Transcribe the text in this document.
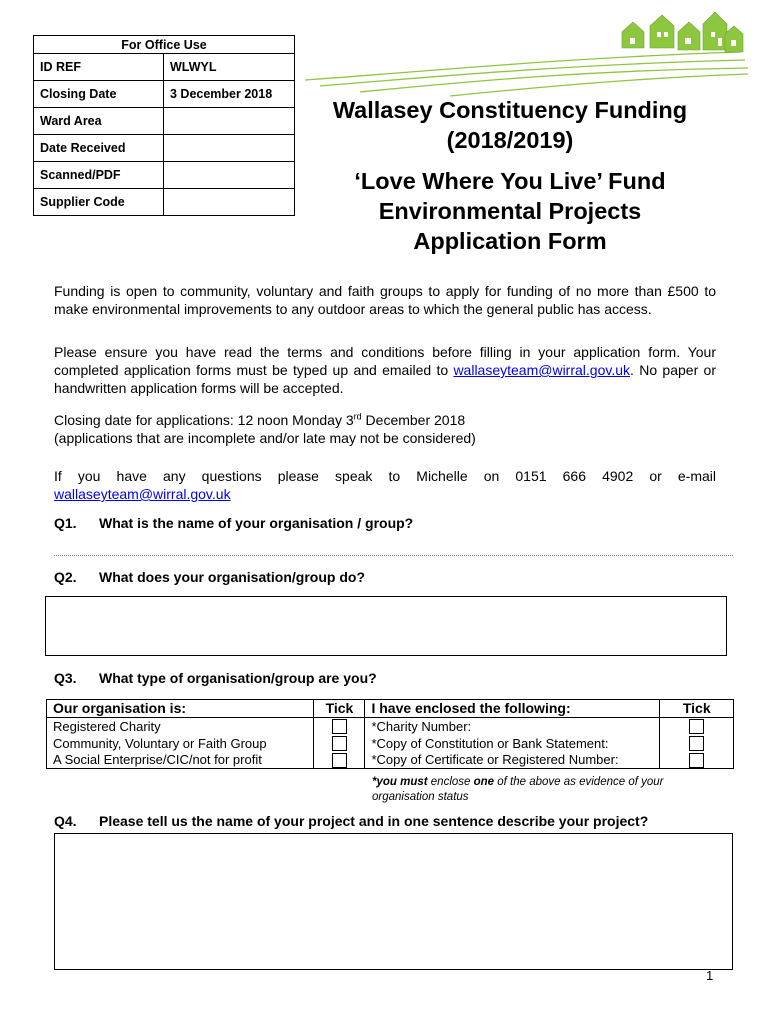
For Office Use	
ID REF	WLWYL
Closing Date	3 December 2018
Ward Area	
Date Received	
Scanned/PDF	
Supplier Code	
Wallasey Constituency Funding
(2018/2019)
‘Love Where You Live’ Fund
Environmental Projects
Application Form
Funding is open to community, voluntary and faith groups to apply for funding of no more than £500 to make environmental improvements to any outdoor areas to which the general public has access.
Please ensure you have read the terms and conditions before filling in your application form. Your completed application forms must be typed up and emailed to wallaseyteam@wirral.gov.uk. No paper or handwritten application forms will be accepted.
Closing date for applications: 12 noon Monday 3rd December 2018
(applications that are incomplete and/or late may not be considered)
If you have any questions please speak to Michelle on 0151 666 4902 or e-mail
wallaseyteam@wirral.gov.uk
Q1. What is the name of your organisation / group?
Q2. What does your organisation/group do?
Q3. What type of organisation/group are you?
Our organisation is:	Tick	I have enclosed the following:	Tick
Registered Charity		*Charity Number:	
Community, Voluntary or Faith Group		*Copy of Constitution or Bank Statement:	
A Social Enterprise/CIC/not for profit		*Copy of Certificate or Registered Number:	
*you must enclose one of the above as evidence of your organisation status
Q4. Please tell us the name of your project and in one sentence describe your project?
1
